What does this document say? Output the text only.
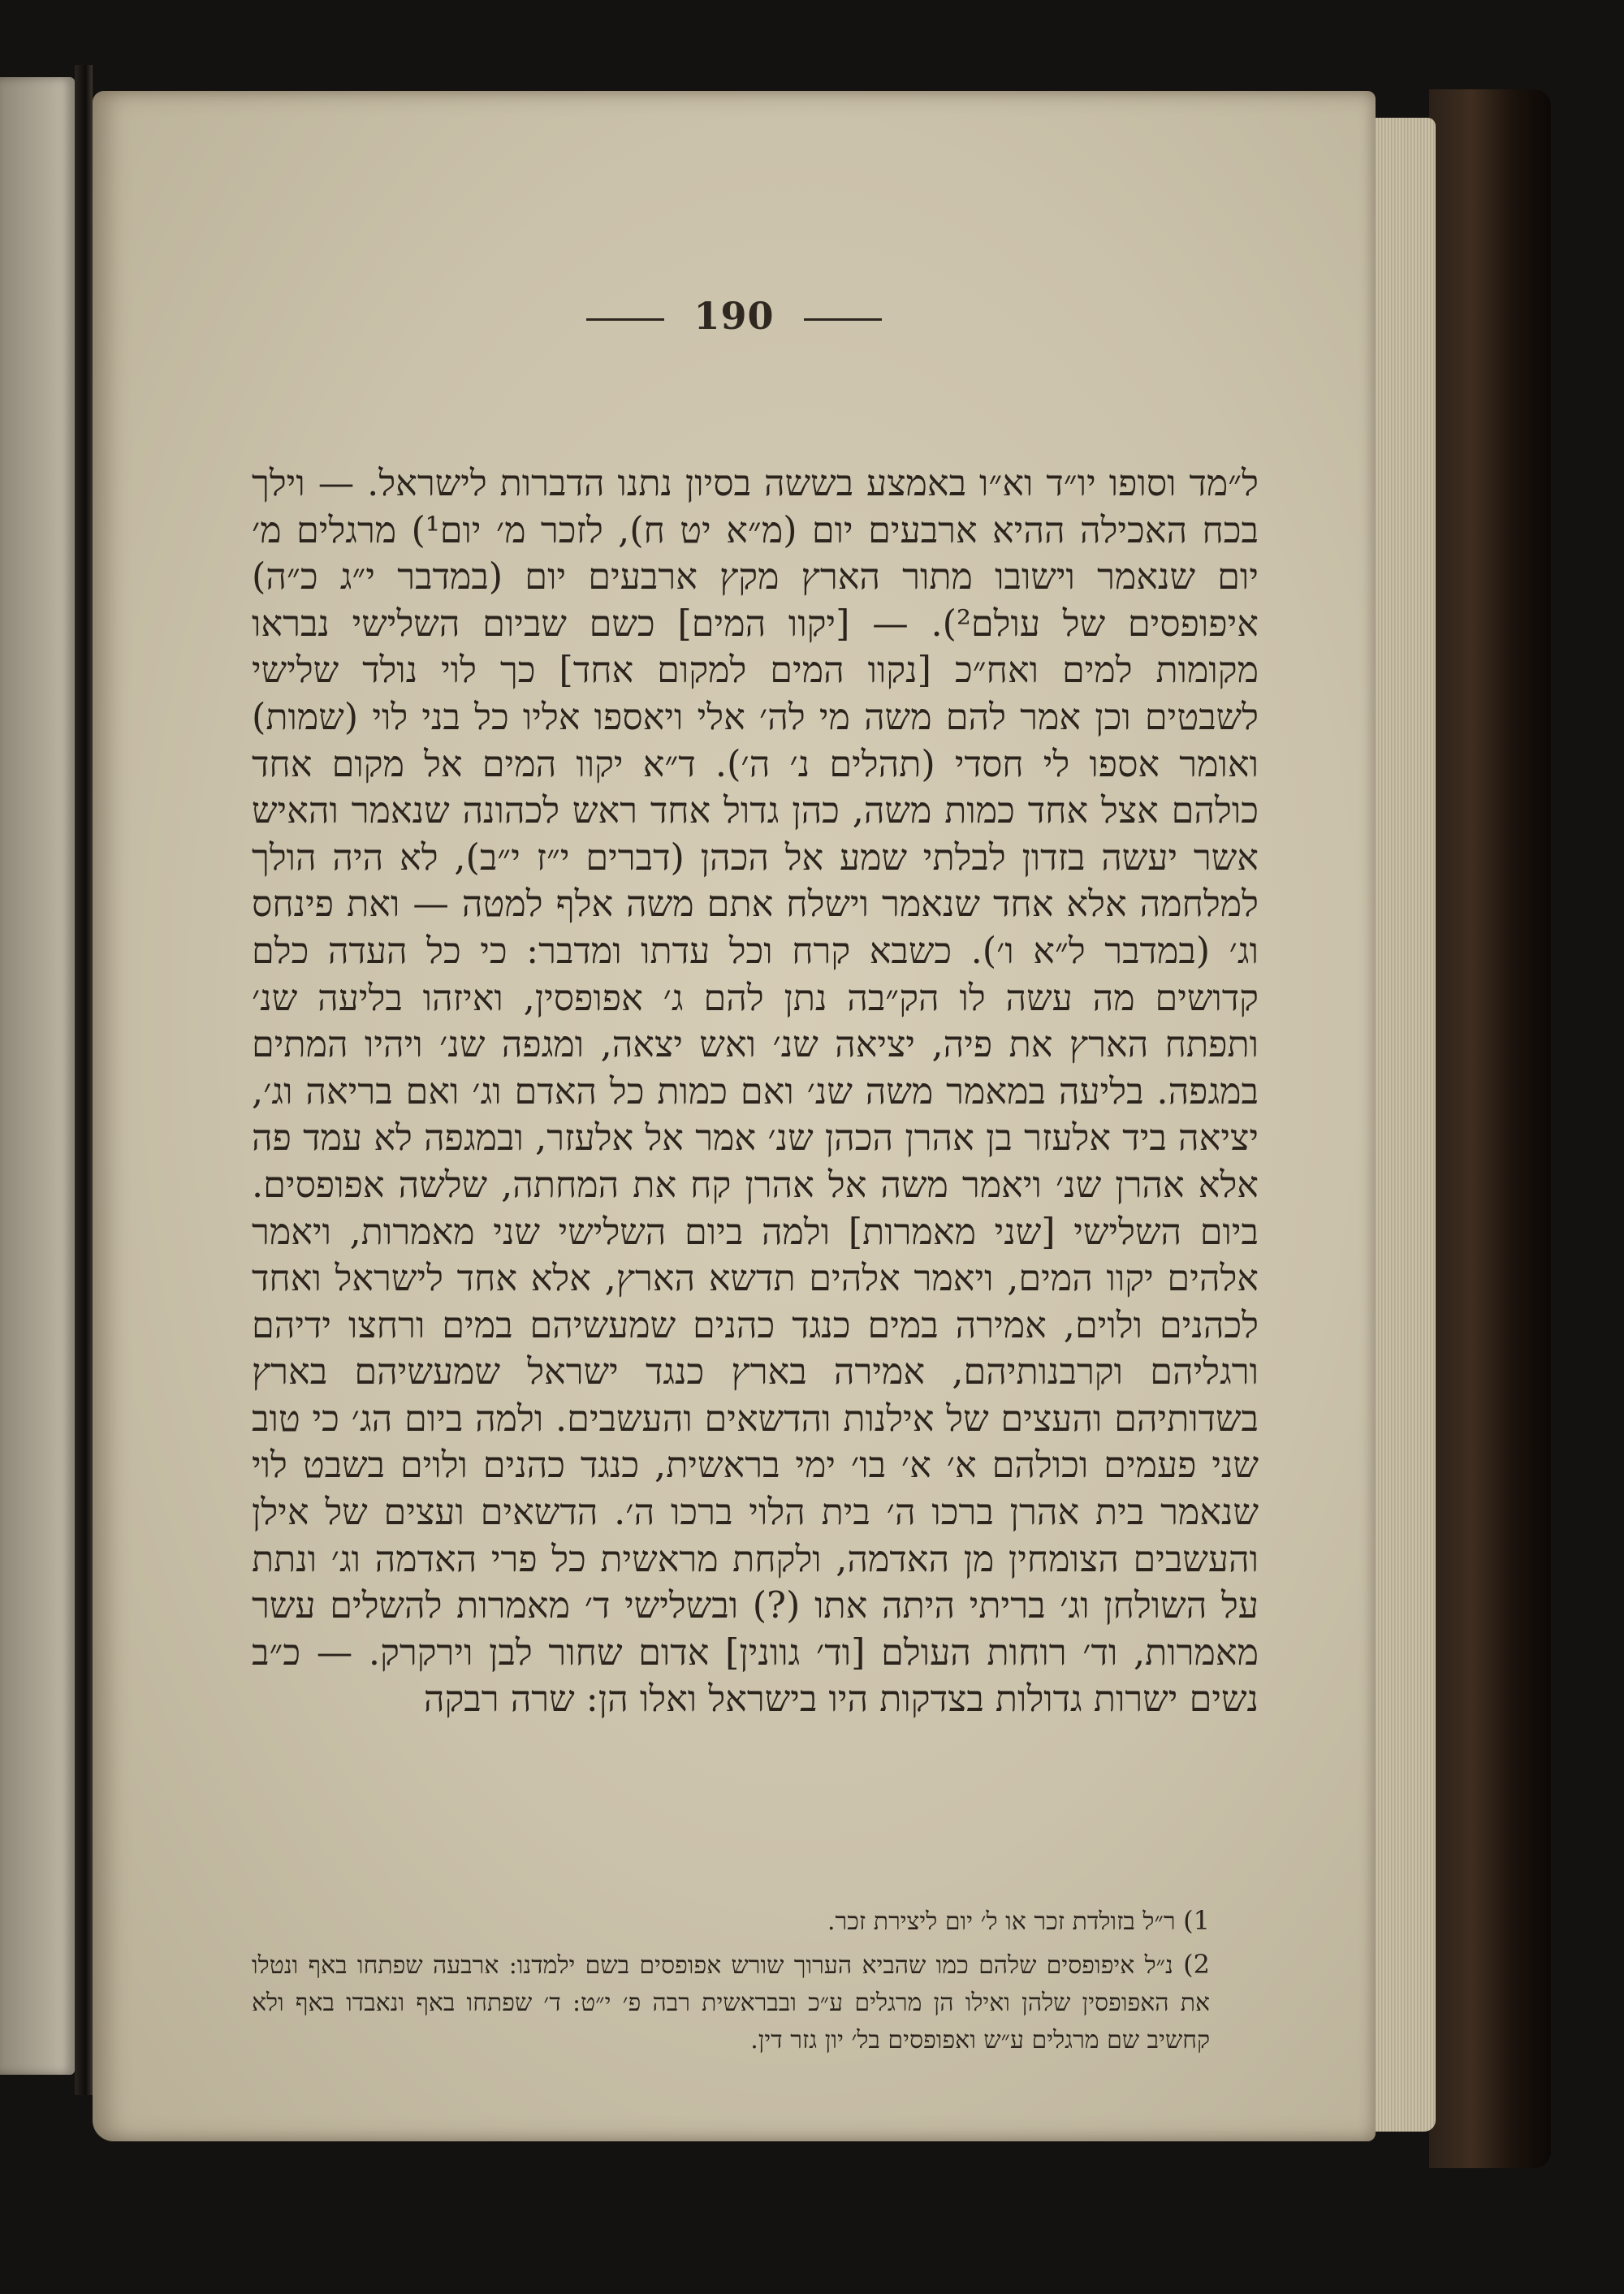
190
ל״מד וסופו יו״ד וא״ו באמצע בששה בסיון נתנו הדברות לישראל. — וילך בכח האכילה ההיא ארבעים יום (מ״א יט ח), לזכר מ׳ יום¹) מרגלים מ׳ יום שנאמר וישובו מתור הארץ מקץ ארבעים יום (במדבר י״ג כ״ה) איפופסים של עולם²). — [יקוו המים] כשם שביום השלישי נבראו מקומות למים ואח״כ [נקוו המים למקום אחד] כך לוי נולד שלישי לשבטים וכן אמר להם משה מי לה׳ אלי ויאספו אליו כל בני לוי (שמות) ואומר אספו לי חסדי (תהלים נ׳ ה׳). ד״א יקוו המים אל מקום אחד כולהם אצל אחד כמות משה, כהן גדול אחד ראש לכהונה שנאמר והאיש אשר יעשה בזדון לבלתי שמע אל הכהן (דברים י״ז י״ב), לא היה הולך למלחמה אלא אחד שנאמר וישלח אתם משה אלף למטה — ואת פינחס וג׳ (במדבר ל״א ו׳). כשבא קרח וכל עדתו ומדבר: כי כל העדה כלם קדושים מה עשה לו הק״בה נתן להם ג׳ אפופסין, ואיזהו בליעה שנ׳ ותפתח הארץ את פיה, יציאה שנ׳ ואש יצאה, ומגפה שנ׳ ויהיו המתים במגפה. בליעה במאמר משה שנ׳ ואם כמות כל האדם וג׳ ואם בריאה וג׳, יציאה ביד אלעזר בן אהרן הכהן שנ׳ אמר אל אלעזר, ובמגפה לא עמד פה אלא אהרן שנ׳ ויאמר משה אל אהרן קח את המחתה, שלשה אפופסים. ביום השלישי [שני מאמרות] ולמה ביום השלישי שני מאמרות, ויאמר אלהים יקוו המים, ויאמר אלהים תדשא הארץ, אלא אחד לישראל ואחד לכהנים ולוים, אמירה במים כנגד כהנים שמעשיהם במים ורחצו ידיהם ורגליהם וקרבנותיהם, אמירה בארץ כנגד ישראל שמעשיהם בארץ בשדותיהם והעצים של אילנות והדשאים והעשבים. ולמה ביום הג׳ כי טוב שני פעמים וכולהם א׳ א׳ בו׳ ימי בראשית, כנגד כהנים ולוים בשבט לוי שנאמר בית אהרן ברכו ה׳ בית הלוי ברכו ה׳. הדשאים ועצים של אילן והעשבים הצומחין מן האדמה, ולקחת מראשית כל פרי האדמה וג׳ ונתת על השולחן וג׳ בריתי היתה אתו (?) ובשלישי ד׳ מאמרות להשלים עשר מאמרות, וד׳ רוחות העולם [וד׳ גוונין] אדום שחור לבן וירקרק. — כ״ב נשים ישרות גדולות בצדקות היו בישראל ואלו הן: שרה רבקה
1) ר״ל בזולדת זכר או ל׳ יום ליצירת זכר.
2) נ״ל איפופסים שלהם כמו שהביא הערוך שורש אפופסים בשם ילמדנו: ארבעה שפתחו באף ונטלו את האפופסין שלהן ואילו הן מרגלים ע״כ ובבראשית רבה פ׳ י״ט: ד׳ שפתחו באף ונאבדו באף ולא קחשיב שם מרגלים ע״ש ואפופסים בל׳ יון גזר דין.
